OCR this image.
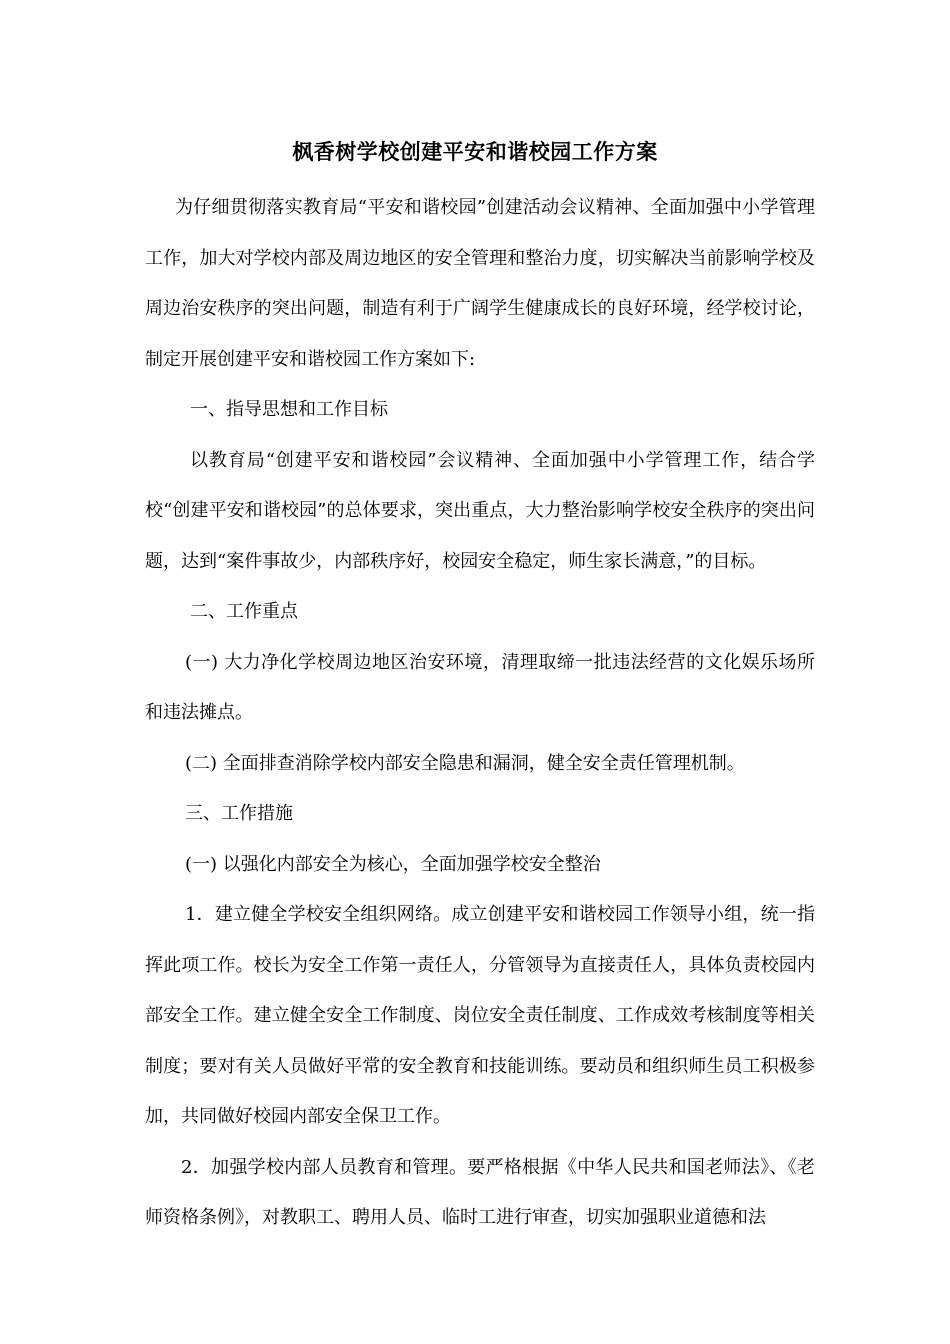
枫香树学校创建平安和谐校园工作方案

为仔细贯彻落实教育局“平安和谐校园”创建活动会议精神、全面加强中小学管理工作，加大对学校内部及周边地区的安全管理和整治力度，切实解决当前影响学校及周边治安秩序的突出问题，制造有利于广阔学生健康成长的良好环境，经学校讨论，制定开展创建平安和谐校园工作方案如下:

一、指导思想和工作目标

以教育局“创建平安和谐校园”会议精神、全面加强中小学管理工作，结合学校“创建平安和谐校园”的总体要求，突出重点，大力整治影响学校安全秩序的突出问题，达到“案件事故少，内部秩序好，校园安全稳定，师生家长满意，”的目标。

二、工作重点

(一) 大力净化学校周边地区治安环境，清理取缔一批违法经营的文化娱乐场所和违法摊点。

(二) 全面排查消除学校内部安全隐患和漏洞，健全安全责任管理机制。

三、工作措施

(一) 以强化内部安全为核心，全面加强学校安全整治

1．建立健全学校安全组织网络。成立创建平安和谐校园工作领导小组，统一指挥此项工作。校长为安全工作第一责任人，分管领导为直接责任人，具体负责校园内部安全工作。建立健全安全工作制度、岗位安全责任制度、工作成效考核制度等相关制度；要对有关人员做好平常的安全教育和技能训练。要动员和组织师生员工积极参加，共同做好校园内部安全保卫工作。

2．加强学校内部人员教育和管理。要严格根据《中华人民共和国老师法》、《老师资格条例》，对教职工、聘用人员、临时工进行审查，切实加强职业道德和法
